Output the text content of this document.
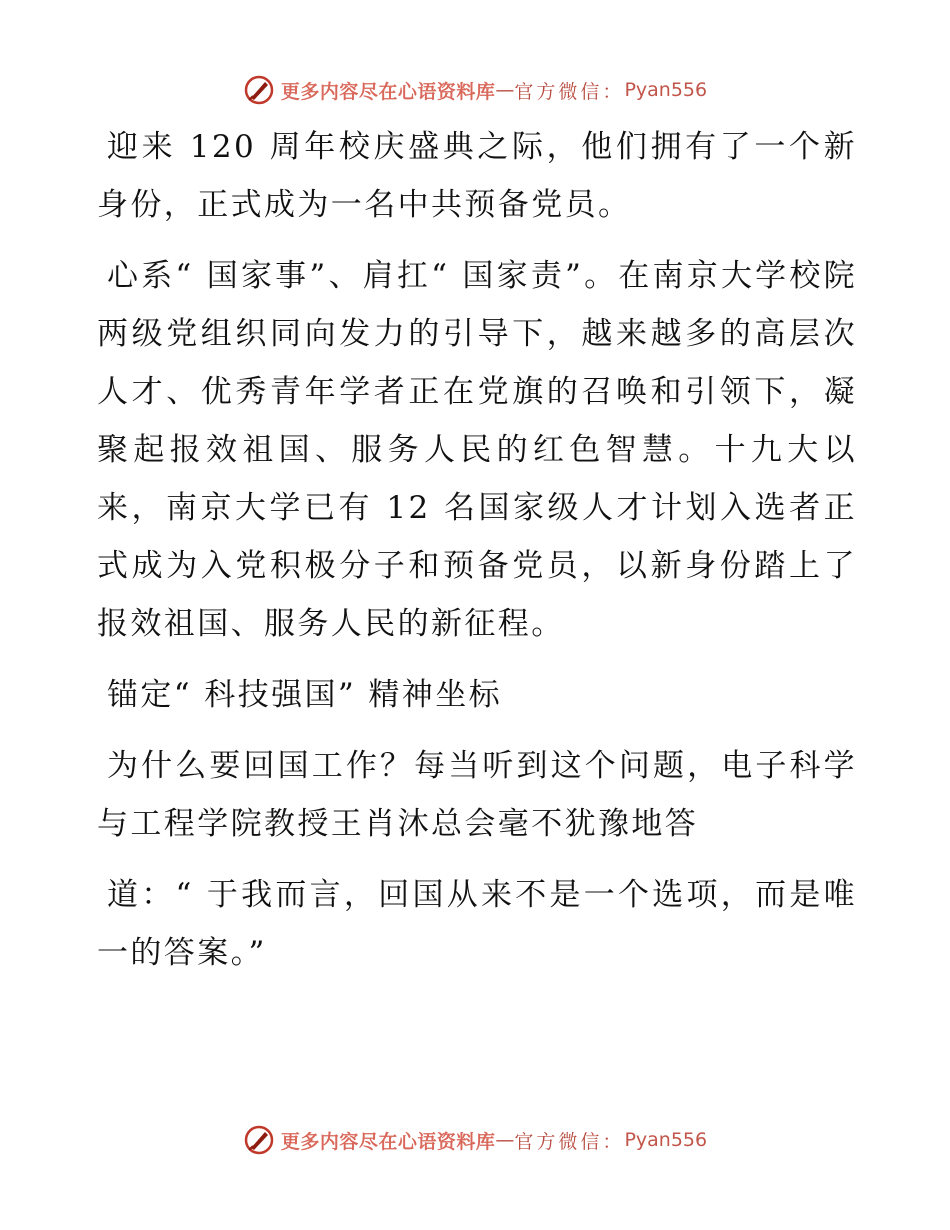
更多内容尽在心语资料库 — 官方微信： Pyan556

迎来 120 周年校庆盛典之际，他们拥有了一个新身份，正式成为一名中共预备党员。

心系“ 国家事”、肩扛“ 国家责”。在南京大学校院两级党组织同向发力的引导下，越来越多的高层次人才、优秀青年学者正在党旗的召唤和引领下，凝聚起报效祖国、服务人民的红色智慧。十九大以来，南京大学已有 12 名国家级人才计划入选者正式成为入党积极分子和预备党员，以新身份踏上了报效祖国、服务人民的新征程。

锚定“ 科技强国” 精神坐标

为什么要回国工作？每当听到这个问题，电子科学与工程学院教授王肖沐总会毫不犹豫地答

道：“ 于我而言，回国从来不是一个选项，而是唯一的答案。”

更多内容尽在心语资料库 — 官方微信： Pyan556
